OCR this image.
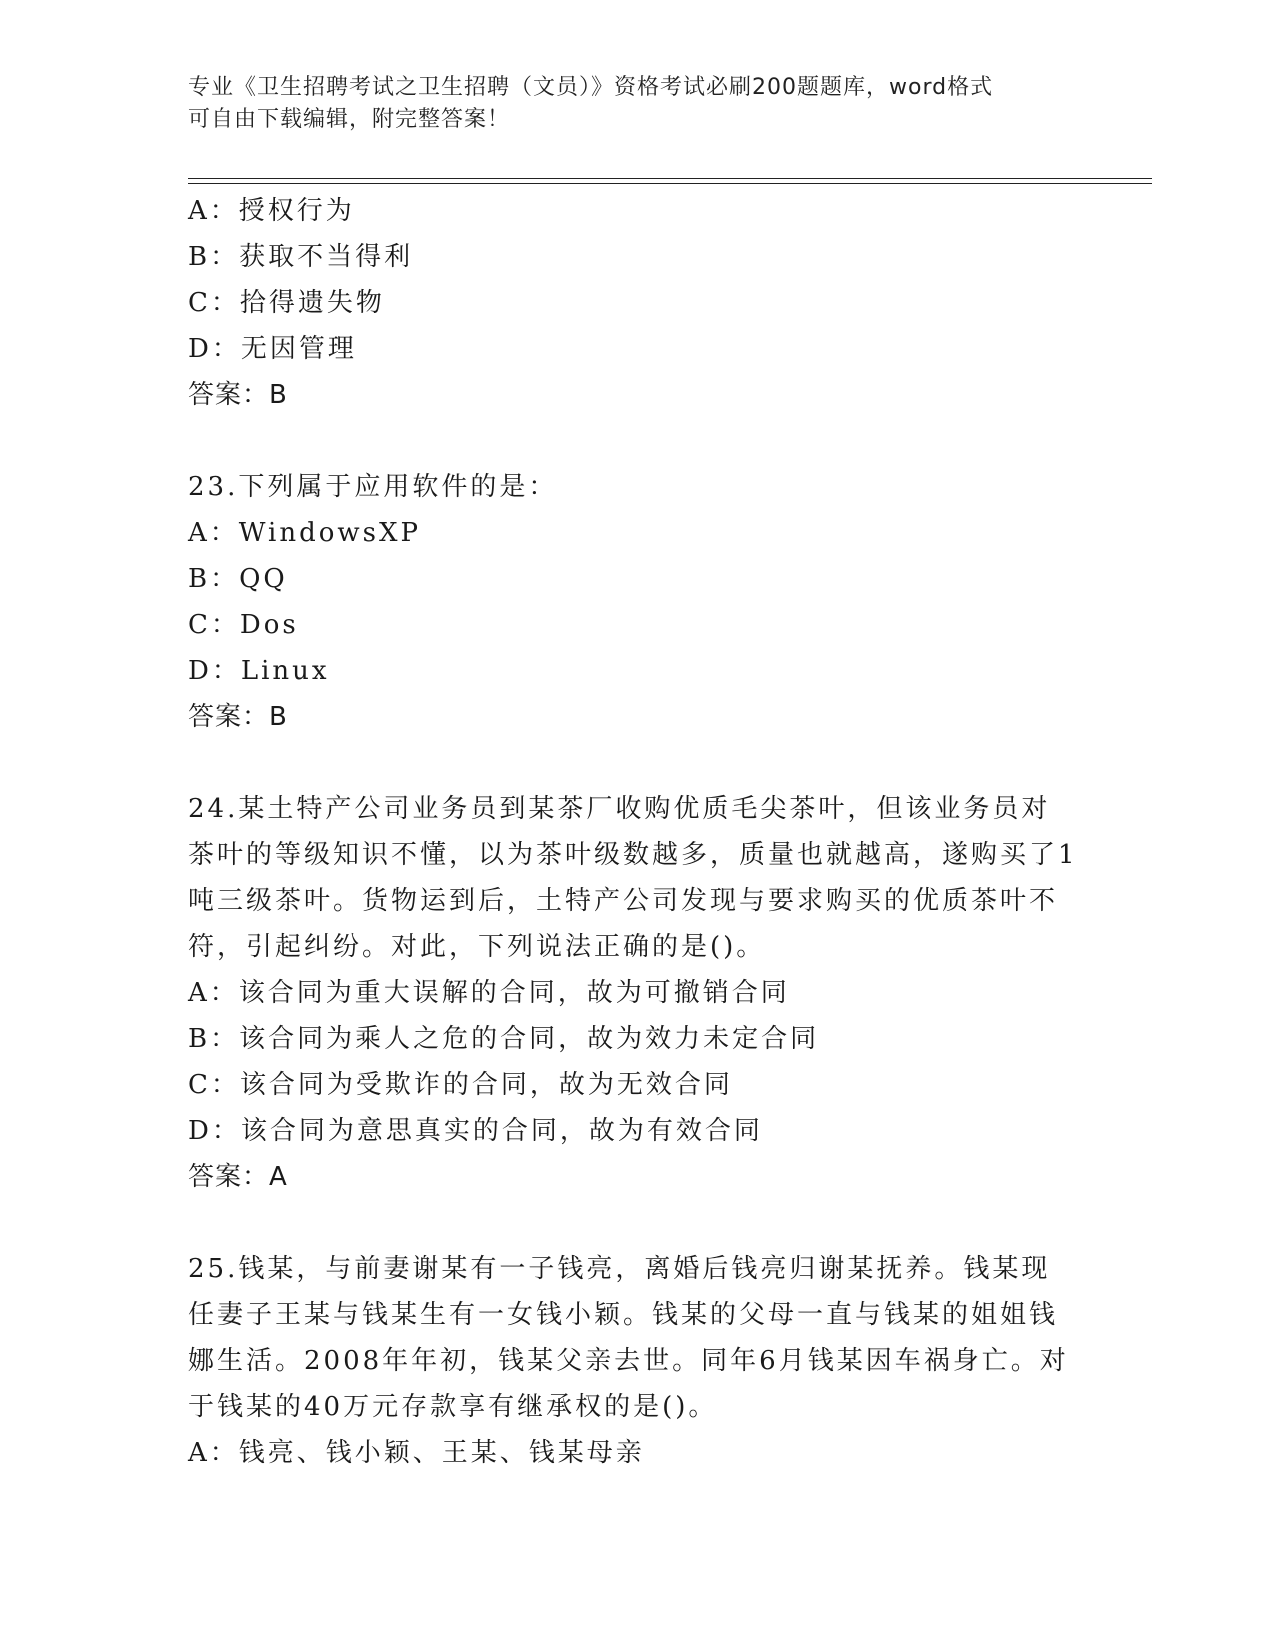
专业《卫生招聘考试之卫生招聘（文员）》资格考试必刷200题题库，word格式
可自由下载编辑，附完整答案！
A：授权行为
B：获取不当得利
C：拾得遗失物
D：无因管理
答案：B
23.下列属于应用软件的是：
A：WindowsXP
B：QQ
C：Dos
D：Linux
答案：B
24.某土特产公司业务员到某茶厂收购优质毛尖茶叶，但该业务员对茶叶的等级知识不懂，以为茶叶级数越多，质量也就越高，遂购买了1吨三级茶叶。货物运到后，土特产公司发现与要求购买的优质茶叶不符，引起纠纷。对此，下列说法正确的是()。
A：该合同为重大误解的合同，故为可撤销合同
B：该合同为乘人之危的合同，故为效力未定合同
C：该合同为受欺诈的合同，故为无效合同
D：该合同为意思真实的合同，故为有效合同
答案：A
25.钱某，与前妻谢某有一子钱亮，离婚后钱亮归谢某抚养。钱某现任妻子王某与钱某生有一女钱小颖。钱某的父母一直与钱某的姐姐钱娜生活。2008年年初，钱某父亲去世。同年6月钱某因车祸身亡。对于钱某的40万元存款享有继承权的是()。
A：钱亮、钱小颖、王某、钱某母亲
